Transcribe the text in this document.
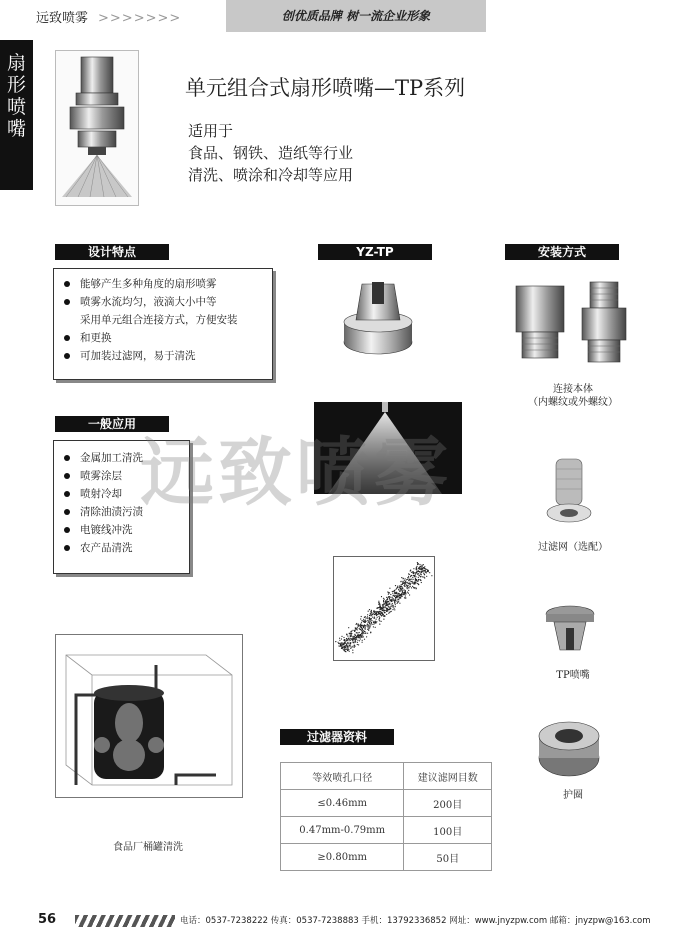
远致喷雾 >>>>>>>	创优质品牌 树一流企业形象
扇
形
喷
嘴
单元组合式扇形喷嘴—TP系列
适用于
食品、钢铁、造纸等行业
清洗、喷涂和冷却等应用
设计特点
能够产生多种角度的扇形喷雾
喷雾水流均匀，液滴大小中等
采用单元组合连接方式，方便安装
和更换
可加装过滤网，易于清洗
一般应用
金属加工清洗
喷雾涂层
喷射冷却
清除油渍污渍
电镀线冲洗
农产品清洗
YZ-TP	安装方式
连接本体
（内螺纹或外螺纹）
过滤网（选配）
TP喷嘴
护圈
远致喷雾
食品厂桶罐清洗
过滤器资料
等效喷孔口径	建议滤网目数
≤0.46mm	200目
0.47mm-0.79mm	100目
≥0.80mm	50目
56	电话：0537-7238222 传真：0537-7238883 手机：13792336852 网址：www.jnyzpw.com 邮箱：jnyzpw@163.com
